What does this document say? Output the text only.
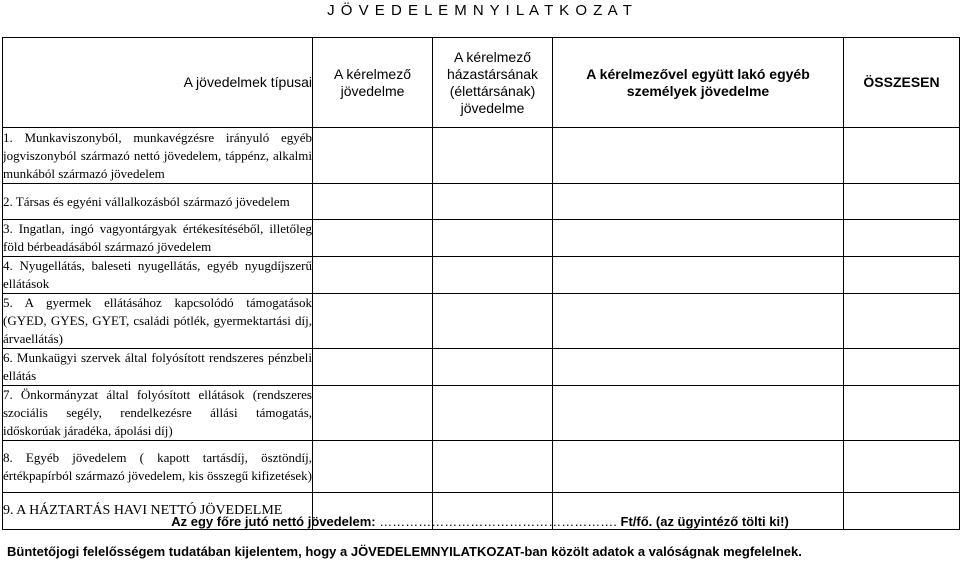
J Ö V E D E L E M N Y I L A T K O Z A T
A jövedelmek típusai	A kérelmező jövedelme	A kérelmező házastársának (élettársának) jövedelme	A kérelmezővel együtt lakó egyéb személyek jövedelme	ÖSSZESEN
1. Munkaviszonyból, munkavégzésre irányuló egyéb jogviszonyból származó nettó jövedelem, táppénz, alkalmi munkából származó jövedelem				
2. Társas és egyéni vállalkozásból származó jövedelem				
3. Ingatlan, ingó vagyontárgyak értékesítéséből, illetőleg föld bérbeadásából származó jövedelem				
4. Nyugellátás, baleseti nyugellátás, egyéb nyugdíjszerű ellátások				
5. A gyermek ellátásához kapcsolódó támogatások (GYED, GYES, GYET, családi pótlék, gyermektartási díj, árvaellátás)				
6. Munkaügyi szervek által folyósított rendszeres pénzbeli ellátás				
7. Önkormányzat által folyósított ellátások (rendszeres szociális segély, rendelkezésre állási támogatás, időskorúak járadéka, ápolási díj)				
8. Egyéb jövedelem ( kapott tartásdíj, ösztöndíj, értékpapírból származó jövedelem, kis összegű kifizetések)				
9. A HÁZTARTÁS HAVI NETTÓ JÖVEDELME				
Az egy főre jutó nettó jövedelem: ………………………………………………. Ft/fő. (az ügyintéző tölti ki!)
Büntetőjogi felelősségem tudatában kijelentem, hogy a JÖVEDELEMNYILATKOZAT-ban közölt adatok a valóságnak megfelelnek.
